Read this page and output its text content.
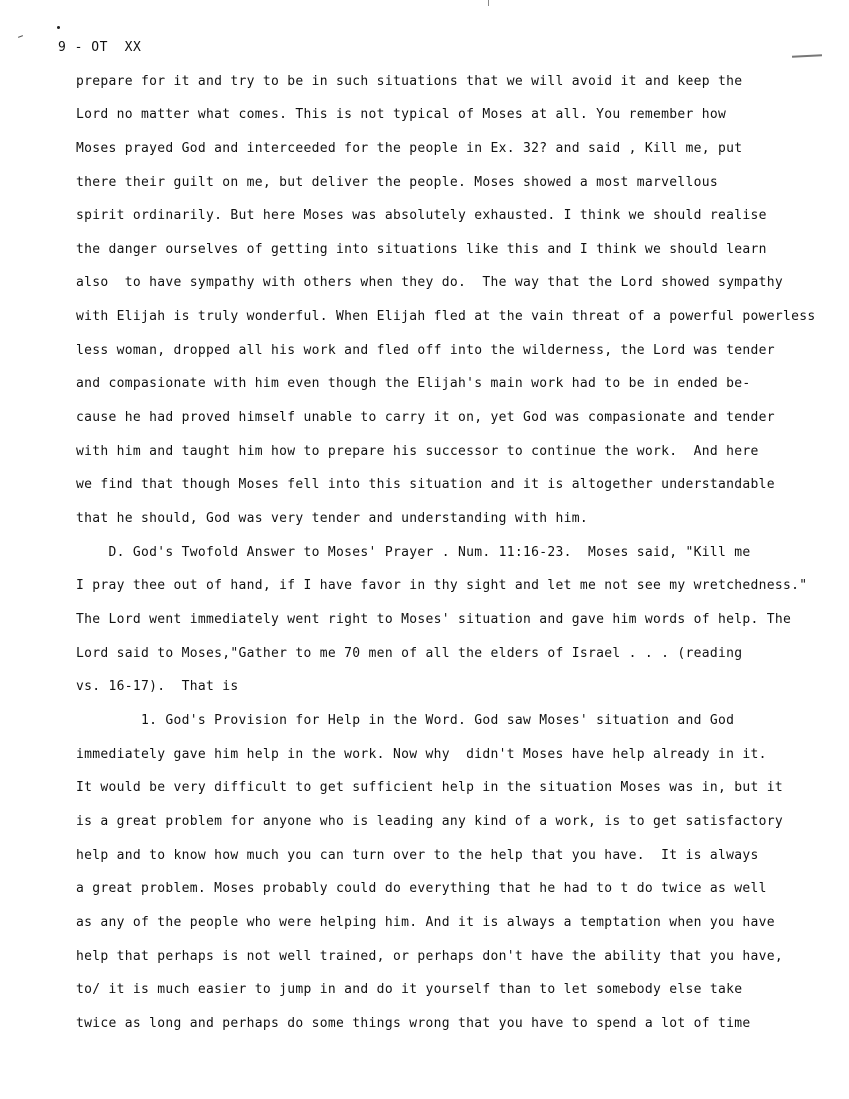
9 - OT  XX
prepare for it and try to be in such situations that we will avoid it and keep the
Lord no matter what comes. This is not typical of Moses at all. You remember how
Moses prayed God and interceeded for the people in Ex. 32? and said , Kill me, put
there their guilt on me, but deliver the people. Moses showed a most marvellous
spirit ordinarily. But here Moses was absolutely exhausted. I think we should realise
the danger ourselves of getting into situations like this and I think we should learn
also  to have sympathy with others when they do.  The way that the Lord showed sympathy
with Elijah is truly wonderful. When Elijah fled at the vain threat of a powerful powerless
less woman, dropped all his work and fled off into the wilderness, the Lord was tender
and compasionate with him even though the Elijah's main work had to be in ended be-
cause he had proved himself unable to carry it on, yet God was compasionate and tender
with him and taught him how to prepare his successor to continue the work.  And here
we find that though Moses fell into this situation and it is altogether understandable
that he should, God was very tender and understanding with him.
D. God's Twofold Answer to Moses' Prayer . Num. 11:16-23.  Moses said, "Kill me
I pray thee out of hand, if I have favor in thy sight and let me not see my wretchedness."
The Lord went immediately went right to Moses' situation and gave him words of help. The
Lord said to Moses,"Gather to me 70 men of all the elders of Israel . . . (reading
vs. 16-17).  That is
1. God's Provision for Help in the Word. God saw Moses' situation and God
immediately gave him help in the work. Now why  didn't Moses have help already in it.
It would be very difficult to get sufficient help in the situation Moses was in, but it
is a great problem for anyone who is leading any kind of a work, is to get satisfactory
help and to know how much you can turn over to the help that you have.  It is always
a great problem. Moses probably could do everything that he had to t do twice as well
as any of the people who were helping him. And it is always a temptation when you have
help that perhaps is not well trained, or perhaps don't have the ability that you have,
to/ it is much easier to jump in and do it yourself than to let somebody else take
twice as long and perhaps do some things wrong that you have to spend a lot of time
